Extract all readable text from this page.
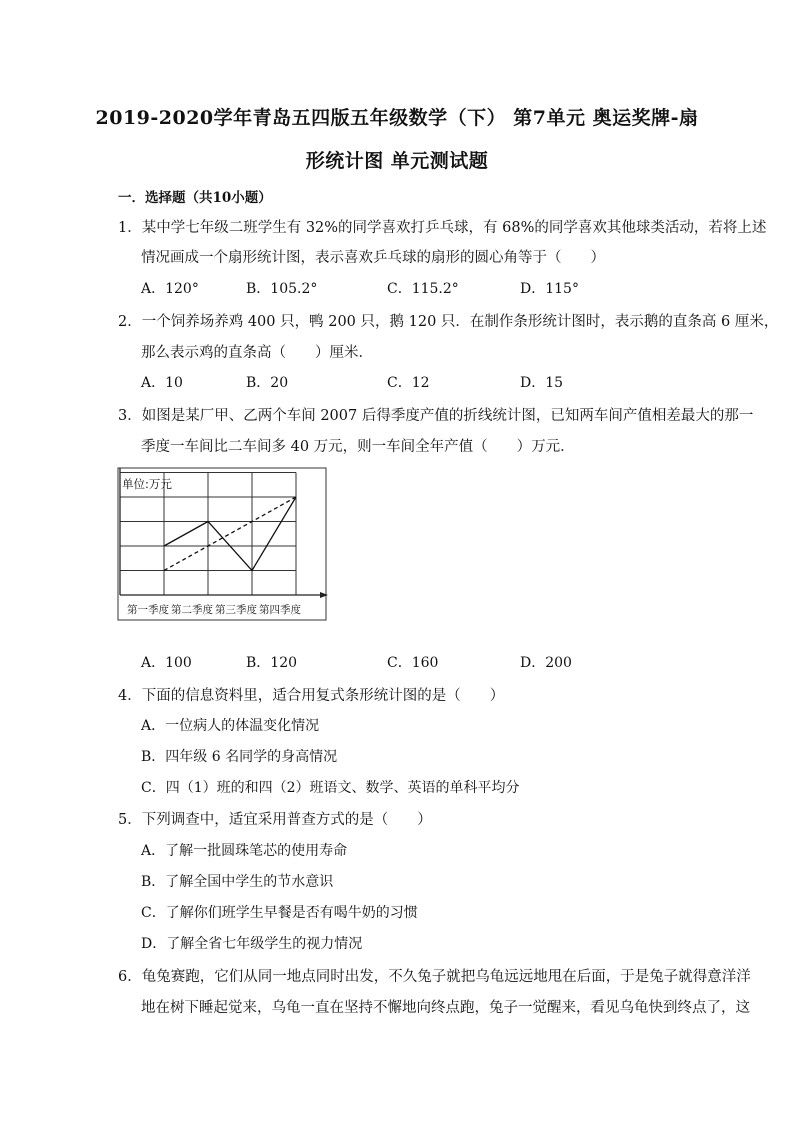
2019-2020学年青岛五四版五年级数学（下） 第7单元 奥运奖牌-扇
形统计图 单元测试题
一．选择题（共10小题）
1．某中学七年级二班学生有 32%的同学喜欢打乒乓球，有 68%的同学喜欢其他球类活动，若将上述
情况画成一个扇形统计图，表示喜欢乒乓球的扇形的圆心角等于（　　）
A．120°	B．105.2°	C．115.2°	D．115°
2．一个饲养场养鸡 400 只，鸭 200 只，鹅 120 只．在制作条形统计图时，表示鹅的直条高 6 厘米，
那么表示鸡的直条高（　　）厘米．
A．10	B．20	C．12	D．15
3．如图是某厂甲、乙两个车间 2007 后得季度产值的折线统计图，已知两车间产值相差最大的那一
季度一车间比二车间多 40 万元，则一车间全年产值（　　）万元．
单位:万元
第一季度 第二季度 第三季度 第四季度
A．100	B．120	C．160	D．200
4．下面的信息资料里，适合用复式条形统计图的是（　　）
A．一位病人的体温变化情况
B．四年级 6 名同学的身高情况
C．四（1）班的和四（2）班语文、数学、英语的单科平均分
5．下列调查中，适宜采用普查方式的是（　　）
A．了解一批圆珠笔芯的使用寿命
B．了解全国中学生的节水意识
C．了解你们班学生早餐是否有喝牛奶的习惯
D．了解全省七年级学生的视力情况
6．龟兔赛跑，它们从同一地点同时出发，不久兔子就把乌龟远远地甩在后面，于是兔子就得意洋洋
地在树下睡起觉来，乌龟一直在坚持不懈地向终点跑，兔子一觉醒来，看见乌龟快到终点了，这
